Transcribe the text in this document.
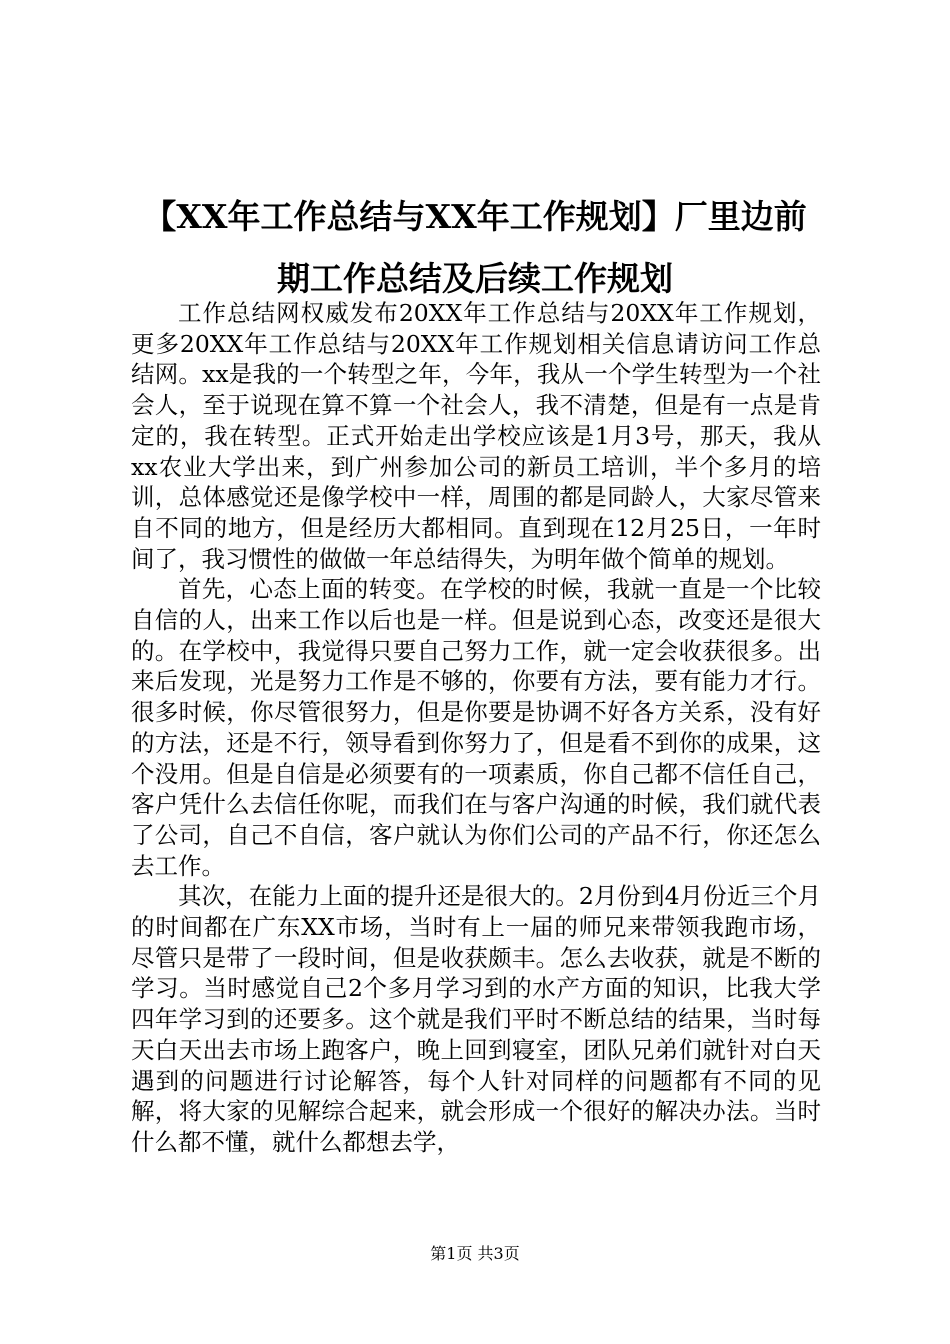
【XX年工作总结与XX年工作规划】厂里边前
期工作总结及后续工作规划

工作总结网权威发布20XX年工作总结与20XX年工作规划，更多20XX年工作总结与20XX年工作规划相关信息请访问工作总结网。xx是我的一个转型之年，今年，我从一个学生转型为一个社会人，至于说现在算不算一个社会人，我不清楚，但是有一点是肯定的，我在转型。正式开始走出学校应该是1月3号，那天，我从xx农业大学出来，到广州参加公司的新员工培训，半个多月的培训，总体感觉还是像学校中一样，周围的都是同龄人，大家尽管来自不同的地方，但是经历大都相同。直到现在12月25日，一年时间了，我习惯性的做做一年总结得失，为明年做个简单的规划。

首先，心态上面的转变。在学校的时候，我就一直是一个比较自信的人，出来工作以后也是一样。但是说到心态，改变还是很大的。在学校中，我觉得只要自己努力工作，就一定会收获很多。出来后发现，光是努力工作是不够的，你要有方法，要有能力才行。很多时候，你尽管很努力，但是你要是协调不好各方关系，没有好的方法，还是不行，领导看到你努力了，但是看不到你的成果，这个没用。但是自信是必须要有的一项素质，你自己都不信任自己，客户凭什么去信任你呢，而我们在与客户沟通的时候，我们就代表了公司，自己不自信，客户就认为你们公司的产品不行，你还怎么去工作。

其次，在能力上面的提升还是很大的。2月份到4月份近三个月的时间都在广东XX市场，当时有上一届的师兄来带领我跑市场，尽管只是带了一段时间，但是收获颇丰。怎么去收获，就是不断的学习。当时感觉自己2个多月学习到的水产方面的知识，比我大学四年学习到的还要多。这个就是我们平时不断总结的结果，当时每天白天出去市场上跑客户，晚上回到寝室，团队兄弟们就针对白天遇到的问题进行讨论解答，每个人针对同样的问题都有不同的见解，将大家的见解综合起来，就会形成一个很好的解决办法。当时什么都不懂，就什么都想去学，

第1页 共3页
